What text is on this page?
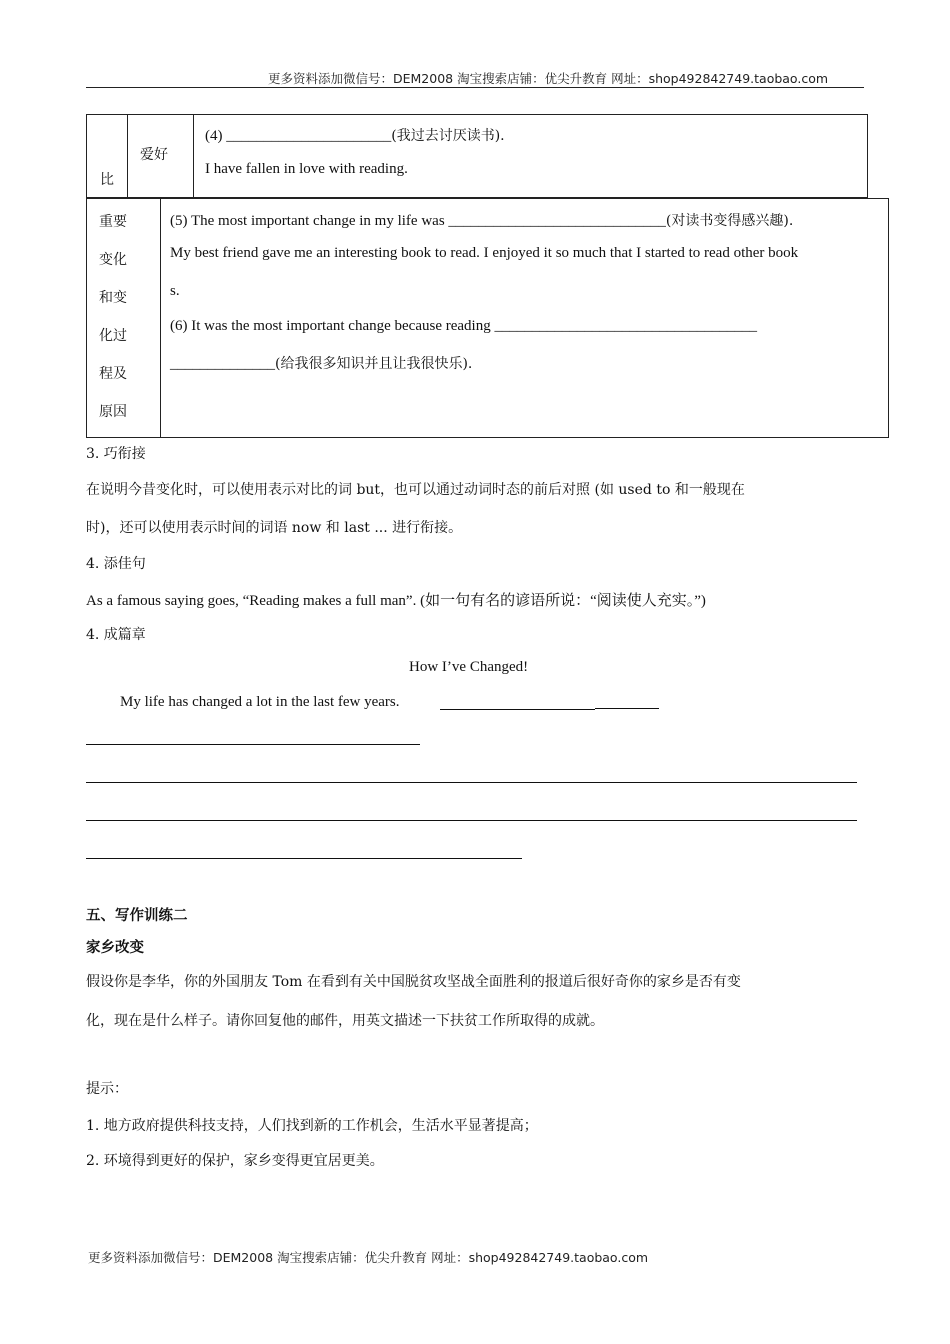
更多资料添加微信号：DEM2008 淘宝搜索店铺：优尖升教育 网址：shop492842749.taobao.com
比
爱好
(4) ______________________(我过去讨厌读书).
I have fallen in love with reading.
重要
变化
和变
化过
程及
原因
(5) The most important change in my life was _____________________________(对读书变得感兴趣).
My best friend gave me an interesting book to read. I enjoyed it so much that I started to read other book
s.
(6) It was the most important change because reading ___________________________________
______________(给我很多知识并且让我很快乐).
3. 巧衔接
在说明今昔变化时，可以使用表示对比的词 but，也可以通过动词时态的前后对照 (如 used to 和一般现在
时)，还可以使用表示时间的词语 now 和 last ... 进行衔接。
4. 添佳句
As a famous saying goes, “Reading makes a full man”. (如一句有名的谚语所说：“阅读使人充实。”)
4. 成篇章
How I’ve Changed!
My life has changed a lot in the last few years.
五、写作训练二
家乡改变
假设你是李华，你的外国朋友 Tom 在看到有关中国脱贫攻坚战全面胜利的报道后很好奇你的家乡是否有变
化，现在是什么样子。请你回复他的邮件，用英文描述一下扶贫工作所取得的成就。
提示：
1. 地方政府提供科技支持，人们找到新的工作机会，生活水平显著提高；
2. 环境得到更好的保护，家乡变得更宜居更美。
更多资料添加微信号：DEM2008 淘宝搜索店铺：优尖升教育 网址：shop492842749.taobao.com
